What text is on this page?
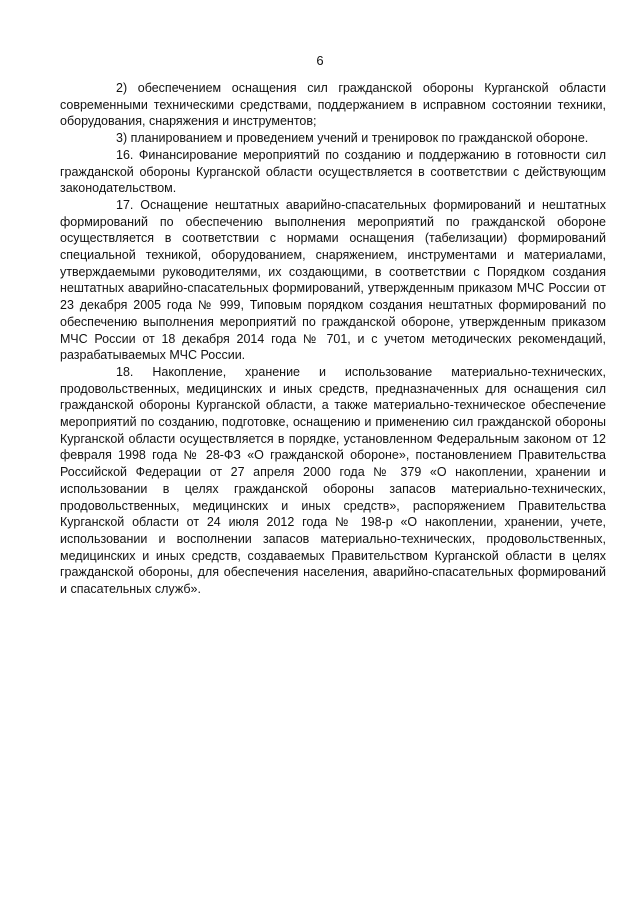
6

2) обеспечением оснащения сил гражданской обороны Курганской области современными техническими средствами, поддержанием в исправном состоянии техники, оборудования, снаряжения и инструментов;

3) планированием и проведением учений и тренировок по гражданской обороне.

16. Финансирование мероприятий по созданию и поддержанию в готовности сил гражданской обороны Курганской области осуществляется в соответствии с действующим законодательством.

17. Оснащение нештатных аварийно-спасательных формирований и нештатных формирований по обеспечению выполнения мероприятий по гражданской обороне осуществляется в соответствии с нормами оснащения (табелизации) формирований специальной техникой, оборудованием, снаряжением, инструментами и материалами, утверждаемыми руководителями, их создающими, в соответствии с Порядком создания нештатных аварийно-спасательных формирований, утвержденным приказом МЧС России от 23 декабря 2005 года № 999, Типовым порядком создания нештатных формирований по обеспечению выполнения мероприятий по гражданской обороне, утвержденным приказом МЧС России от 18 декабря 2014 года № 701, и с учетом методических рекомендаций, разрабатываемых МЧС России.

18. Накопление, хранение и использование материально-технических, продовольственных, медицинских и иных средств, предназначенных для оснащения сил гражданской обороны Курганской области, а также материально-техническое обеспечение мероприятий по созданию, подготовке, оснащению и применению сил гражданской обороны Курганской области осуществляется в порядке, установленном Федеральным законом от 12 февраля 1998 года № 28-ФЗ «О гражданской обороне», постановлением Правительства Российской Федерации от 27 апреля 2000 года № 379 «О накоплении, хранении и использовании в целях гражданской обороны запасов материально-технических, продовольственных, медицинских и иных средств», распоряжением Правительства Курганской области от 24 июля 2012 года № 198-р «О накоплении, хранении, учете, использовании и восполнении запасов материально-технических, продовольственных, медицинских и иных средств, создаваемых Правительством Курганской области в целях гражданской обороны, для обеспечения населения, аварийно-спасательных формирований и спасательных служб».
